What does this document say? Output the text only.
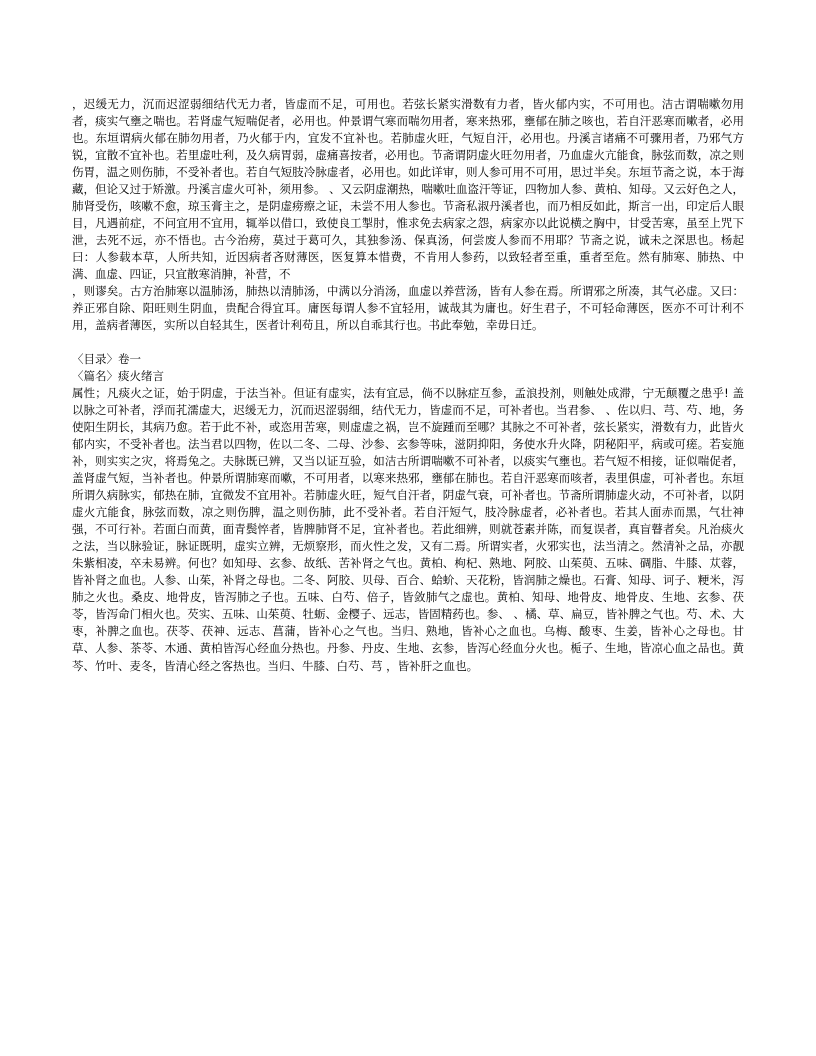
，迟缓无力，沉而迟涩弱细结代无力者，皆虚而不足，可用也。若弦长紧实滑数有力者，皆火郁内实，不可用也。洁古谓喘嗽勿用者，痰实气壅之喘也。若肾虚气短喘促者，必用也。仲景谓气寒而喘勿用者，寒来热邪，壅郁在肺之咳也，若自汗恶寒而嗽者，必用也。东垣谓病火郁在肺勿用者，乃火郁于内，宜发不宜补也。若肺虚火旺，气短自汗，必用也。丹溪言诸痛不可骤用者，乃邪气方锐，宜散不宜补也。若里虚吐利，及久病胃弱，虚痛喜按者，必用也。节斋谓阴虚火旺勿用者，乃血虚火亢能食，脉弦而数，凉之则伤胃，温之则伤肺，不受补者也。若自气短肢冷脉虚者，必用也。如此详审，则人参可用不可用，思过半矣。东垣节斋之说，本于海藏，但论又过于矫激。丹溪言虚火可补，须用参。 、又云阴虚潮热，喘嗽吐血盗汗等证，四物加人参、黄柏、知母。又云好色之人，肺肾受伤，咳嗽不愈，琼玉膏主之，是阴虚痨瘵之证，未尝不用人参也。节斋私淑丹溪者也，而乃相反如此，斯言一出，印定后人眼目，凡遇前症，不问宜用不宜用，辄举以借口，致使良工掣肘，惟求免去病家之怨，病家亦以此说横之胸中，甘受苦寒，虽至上咒下泄，去死不远，亦不悟也。古今治痨，莫过于葛可久，其独参汤、保真汤，何尝废人参而不用耶？节斋之说，诚未之深思也。杨起曰：人参载本草，人所共知，近因病者吝财薄医，医复算本惜费，不肯用人参药，以致轻者至重，重者至危。然有肺寒、肺热、中满、血虚、四证，只宜散寒消胂，补营，不

，则谬矣。古方治肺寒以温肺汤，肺热以清肺汤，中满以分消汤，血虚以养营汤，皆有人参在焉。所谓邪之所凑，其气必虚。又曰：养正邪自除、阳旺则生阴血，贵配合得宜耳。庸医每谓人参不宜轻用，诚哉其为庸也。好生君子，不可轻命薄医，医亦不可计利不用，盖病者薄医，实所以自轻其生，医者计利苟且，所以自乖其行也。书此奉勉，幸毋日迁。

〈目录〉卷一

〈篇名〉痰火绪言

属性；凡痰火之证，始于阴虚，于法当补。但证有虚实，法有宜忌，倘不以脉症互参，孟浪投剂，则触处成滞，宁无颠覆之患乎! 盖以脉之可补者，浮而芤濡虚大，迟缓无力，沉而迟涩弱细，结代无力，皆虚而不足，可补者也。当君参、 、佐以归、芎、芍、地，务使阳生阴长，其病乃愈。若于此不补，或恣用苦寒，则虚虚之祸，岂不旋踵而至哪？其脉之不可补者，弦长紧实，滑数有力，此皆火郁内实，不受补者也。法当君以四物，佐以二冬、二母、沙参、玄参等味，滋阴抑阳，务使水升火降，阴秘阳平，病或可瘥。若妄施补，则实实之灾，将焉兔之。夫脉既已辨，又当以证互验，如洁古所谓喘嗽不可补者，以痰实气壅也。若气短不相接，证似喘促者，盖肾虚气短，当补者也。仲景所谓肺寒而嗽，不可用者，以寒来热邪，壅郁在肺也。若自汗恶寒而咳者，表里俱虚，可补者也。东垣所谓久病脉实，郁热在肺，宜微发不宜用补。若肺虚火旺，短气自汗者，阴虚气衰，可补者也。节斋所谓肺虚火动，不可补者，以阴虚火亢能食，脉弦而数，凉之则伤脾，温之则伤肺，此不受补者。若自汗短气，肢冷脉虚者，必补者也。若其人面赤而黑，气壮神强，不可行补。若面白而黄，面青鬓悴者，皆脾肺肾不足，宜补者也。若此细辨，则就苍素并陈，而复误者，真盲瞽者矣。凡治痰火之法，当以脉验证，脉证既明，虚实立辨，无烦察形，而火性之发，又有二焉。所谓实者，火邪实也，法当清之。然清补之品，亦靓朱紫相凌，卒未易辨。何也？如知母、玄参、故纸、苦补肾之气也。黄柏、枸杞、熟地、阿胶、山茱萸、五味、碉脂、牛膝、苁蓉，皆补肾之血也。人参、山茱，补肾之母也。二冬、阿胶、贝母、百合、蛤蚧、天花粉，皆润肺之燥也。石膏、知母、诃子、粳米，泻肺之火也。桑皮、地骨皮，皆泻肺之子也。五味、白芍、倍子，皆敛肺气之虚也。黄柏、知母、地骨皮、地骨皮、生地、玄参、茯苓，皆泻命门相火也。芡实、五味、山茱萸、牡蛎、金樱子、远志，皆固精药也。参、 、橘、草、扁豆，皆补脾之气也。芍、术、大枣，补脾之血也。茯苓、茯神、远志、菖蒲，皆补心之气也。当归、熟地，皆补心之血也。乌梅、酸枣、生姜，皆补心之母也。甘草、人参、茶苓、木通、黄柏皆泻心经血分热也。丹参、丹皮、生地、玄参，皆泻心经血分火也。栀子、生地，皆凉心血之品也。黄芩、竹叶、麦冬，皆清心经之客热也。当归、牛膝、白芍、芎 ，皆补肝之血也。
